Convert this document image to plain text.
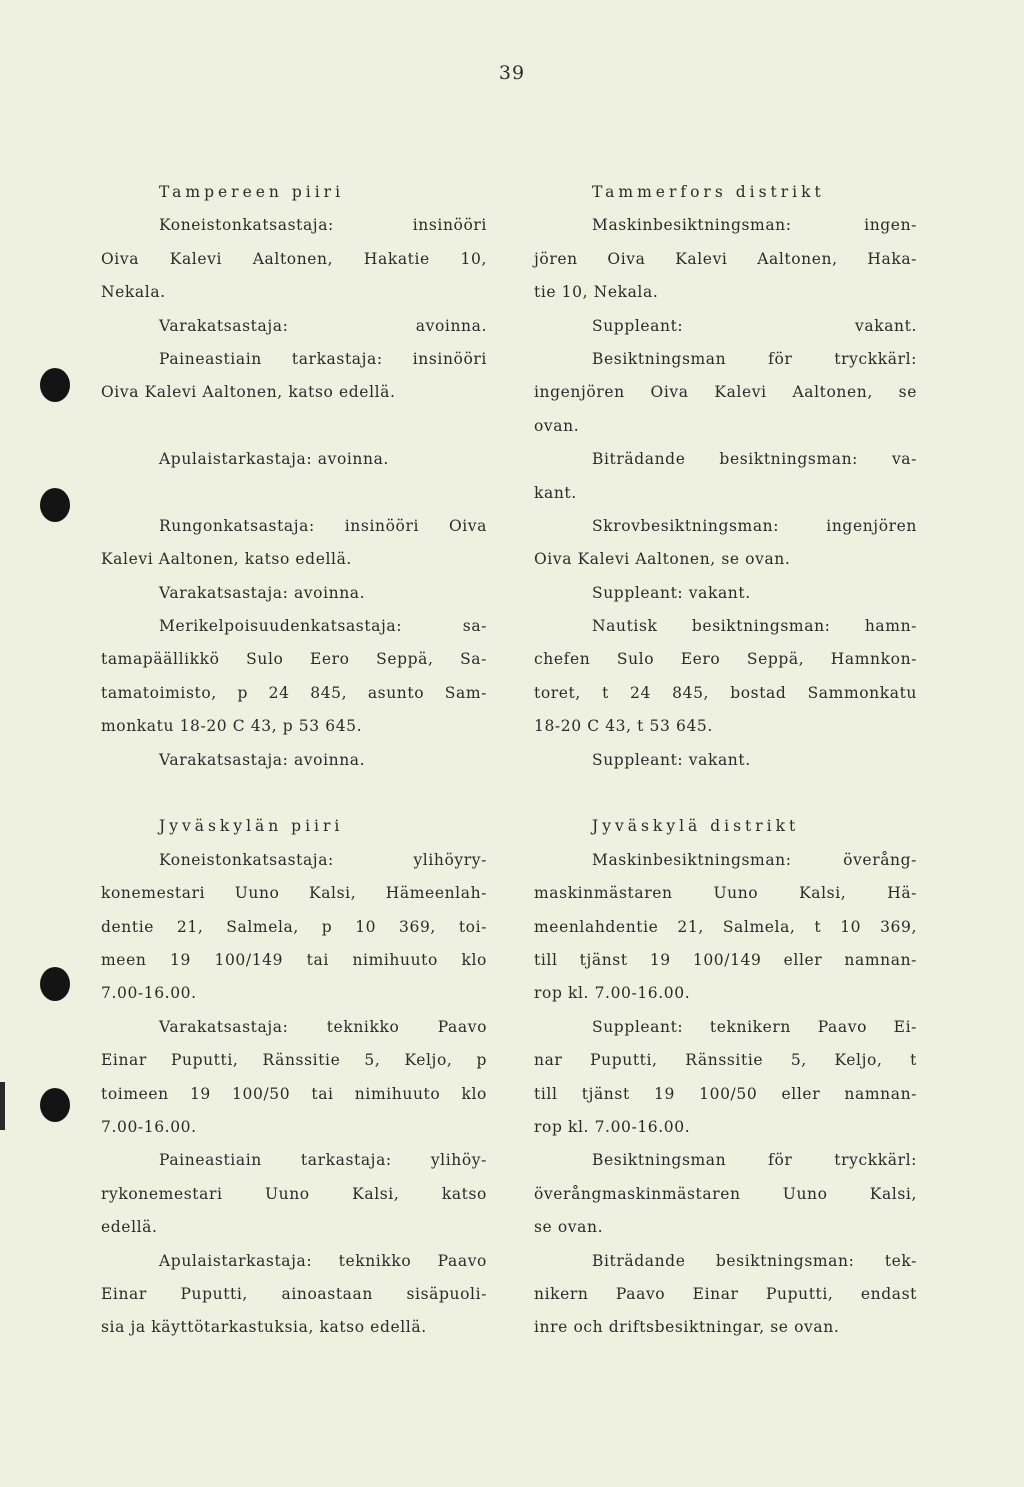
39
Tampereen piiri
Koneistonkatsastaja: insinööri
Oiva Kalevi Aaltonen, Hakatie 10,
Nekala.
Varakatsastaja: avoinna.
Paineastiain tarkastaja: insinööri
Oiva Kalevi Aaltonen, katso edellä.
Apulaistarkastaja: avoinna.
Rungonkatsastaja: insinööri Oiva
Kalevi Aaltonen, katso edellä.
Varakatsastaja: avoinna.
Merikelpoisuudenkatsastaja: sa-
tamapäällikkö Sulo Eero Seppä, Sa-
tamatoimisto, p 24 845, asunto Sam-
monkatu 18-20 C 43, p 53 645.
Varakatsastaja: avoinna.
Jyväskylän piiri
Koneistonkatsastaja: ylihöyry-
konemestari Uuno Kalsi, Hämeenlah-
dentie 21, Salmela, p 10 369, toi-
meen 19 100/149 tai nimihuuto klo
7.00-16.00.
Varakatsastaja: teknikko Paavo
Einar Puputti, Ränssitie 5, Keljo, p
toimeen 19 100/50 tai nimihuuto klo
7.00-16.00.
Paineastiain tarkastaja: ylihöy-
rykonemestari Uuno Kalsi, katso
edellä.
Apulaistarkastaja: teknikko Paavo
Einar Puputti, ainoastaan sisäpuoli-
sia ja käyttötarkastuksia, katso edellä.
Tammerfors distrikt
Maskinbesiktningsman: ingen-
jören Oiva Kalevi Aaltonen, Haka-
tie 10, Nekala.
Suppleant: vakant.
Besiktningsman för tryckkärl:
ingenjören Oiva Kalevi Aaltonen, se
ovan.
Biträdande besiktningsman: va-
kant.
Skrovbesiktningsman: ingenjören
Oiva Kalevi Aaltonen, se ovan.
Suppleant: vakant.
Nautisk besiktningsman: hamn-
chefen Sulo Eero Seppä, Hamnkon-
toret, t 24 845, bostad Sammonkatu
18-20 C 43, t 53 645.
Suppleant: vakant.
Jyväskylä distrikt
Maskinbesiktningsman: överång-
maskinmästaren Uuno Kalsi, Hä-
meenlahdentie 21, Salmela, t 10 369,
till tjänst 19 100/149 eller namnan-
rop kl. 7.00-16.00.
Suppleant: teknikern Paavo Ei-
nar Puputti, Ränssitie 5, Keljo, t
till tjänst 19 100/50 eller namnan-
rop kl. 7.00-16.00.
Besiktningsman för tryckkärl:
överångmaskinmästaren Uuno Kalsi,
se ovan.
Biträdande besiktningsman: tek-
nikern Paavo Einar Puputti, endast
inre och driftsbesiktningar, se ovan.
